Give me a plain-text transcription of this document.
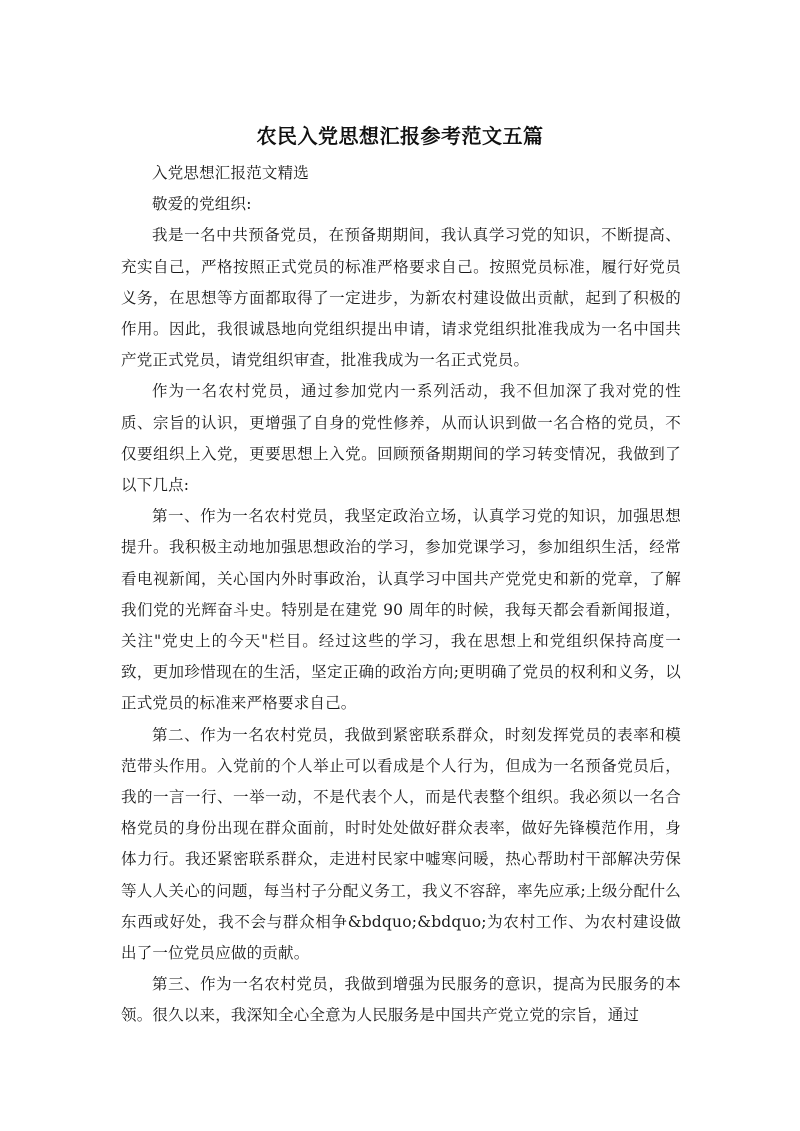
农民入党思想汇报参考范文五篇

入党思想汇报范文精选

敬爱的党组织:

我是一名中共预备党员，在预备期期间，我认真学习党的知识，不断提高、充实自己，严格按照正式党员的标准严格要求自己。按照党员标准，履行好党员义务，在思想等方面都取得了一定进步，为新农村建设做出贡献，起到了积极的作用。因此，我很诚恳地向党组织提出申请，请求党组织批准我成为一名中国共产党正式党员，请党组织审查，批准我成为一名正式党员。

作为一名农村党员，通过参加党内一系列活动，我不但加深了我对党的性质、宗旨的认识，更增强了自身的党性修养，从而认识到做一名合格的党员，不仅要组织上入党，更要思想上入党。回顾预备期期间的学习转变情况，我做到了以下几点:

第一、作为一名农村党员，我坚定政治立场，认真学习党的知识，加强思想提升。我积极主动地加强思想政治的学习，参加党课学习，参加组织生活，经常看电视新闻，关心国内外时事政治，认真学习中国共产党党史和新的党章，了解我们党的光辉奋斗史。特别是在建党 90 周年的时候，我每天都会看新闻报道，关注"党史上的今天"栏目。经过这些的学习，我在思想上和党组织保持高度一致，更加珍惜现在的生活，坚定正确的政治方向;更明确了党员的权利和义务，以正式党员的标准来严格要求自己。

第二、作为一名农村党员，我做到紧密联系群众，时刻发挥党员的表率和模范带头作用。入党前的个人举止可以看成是个人行为，但成为一名预备党员后，我的一言一行、一举一动，不是代表个人，而是代表整个组织。我必须以一名合格党员的身份出现在群众面前，时时处处做好群众表率，做好先锋模范作用，身体力行。我还紧密联系群众，走进村民家中嘘寒问暖，热心帮助村干部解决劳保等人人关心的问题，每当村子分配义务工，我义不容辞，率先应承;上级分配什么东西或好处，我不会与群众相争&bdquo;&bdquo;为农村工作、为农村建设做出了一位党员应做的贡献。

第三、作为一名农村党员，我做到增强为民服务的意识，提高为民服务的本领。很久以来，我深知全心全意为人民服务是中国共产党立党的宗旨，通过
